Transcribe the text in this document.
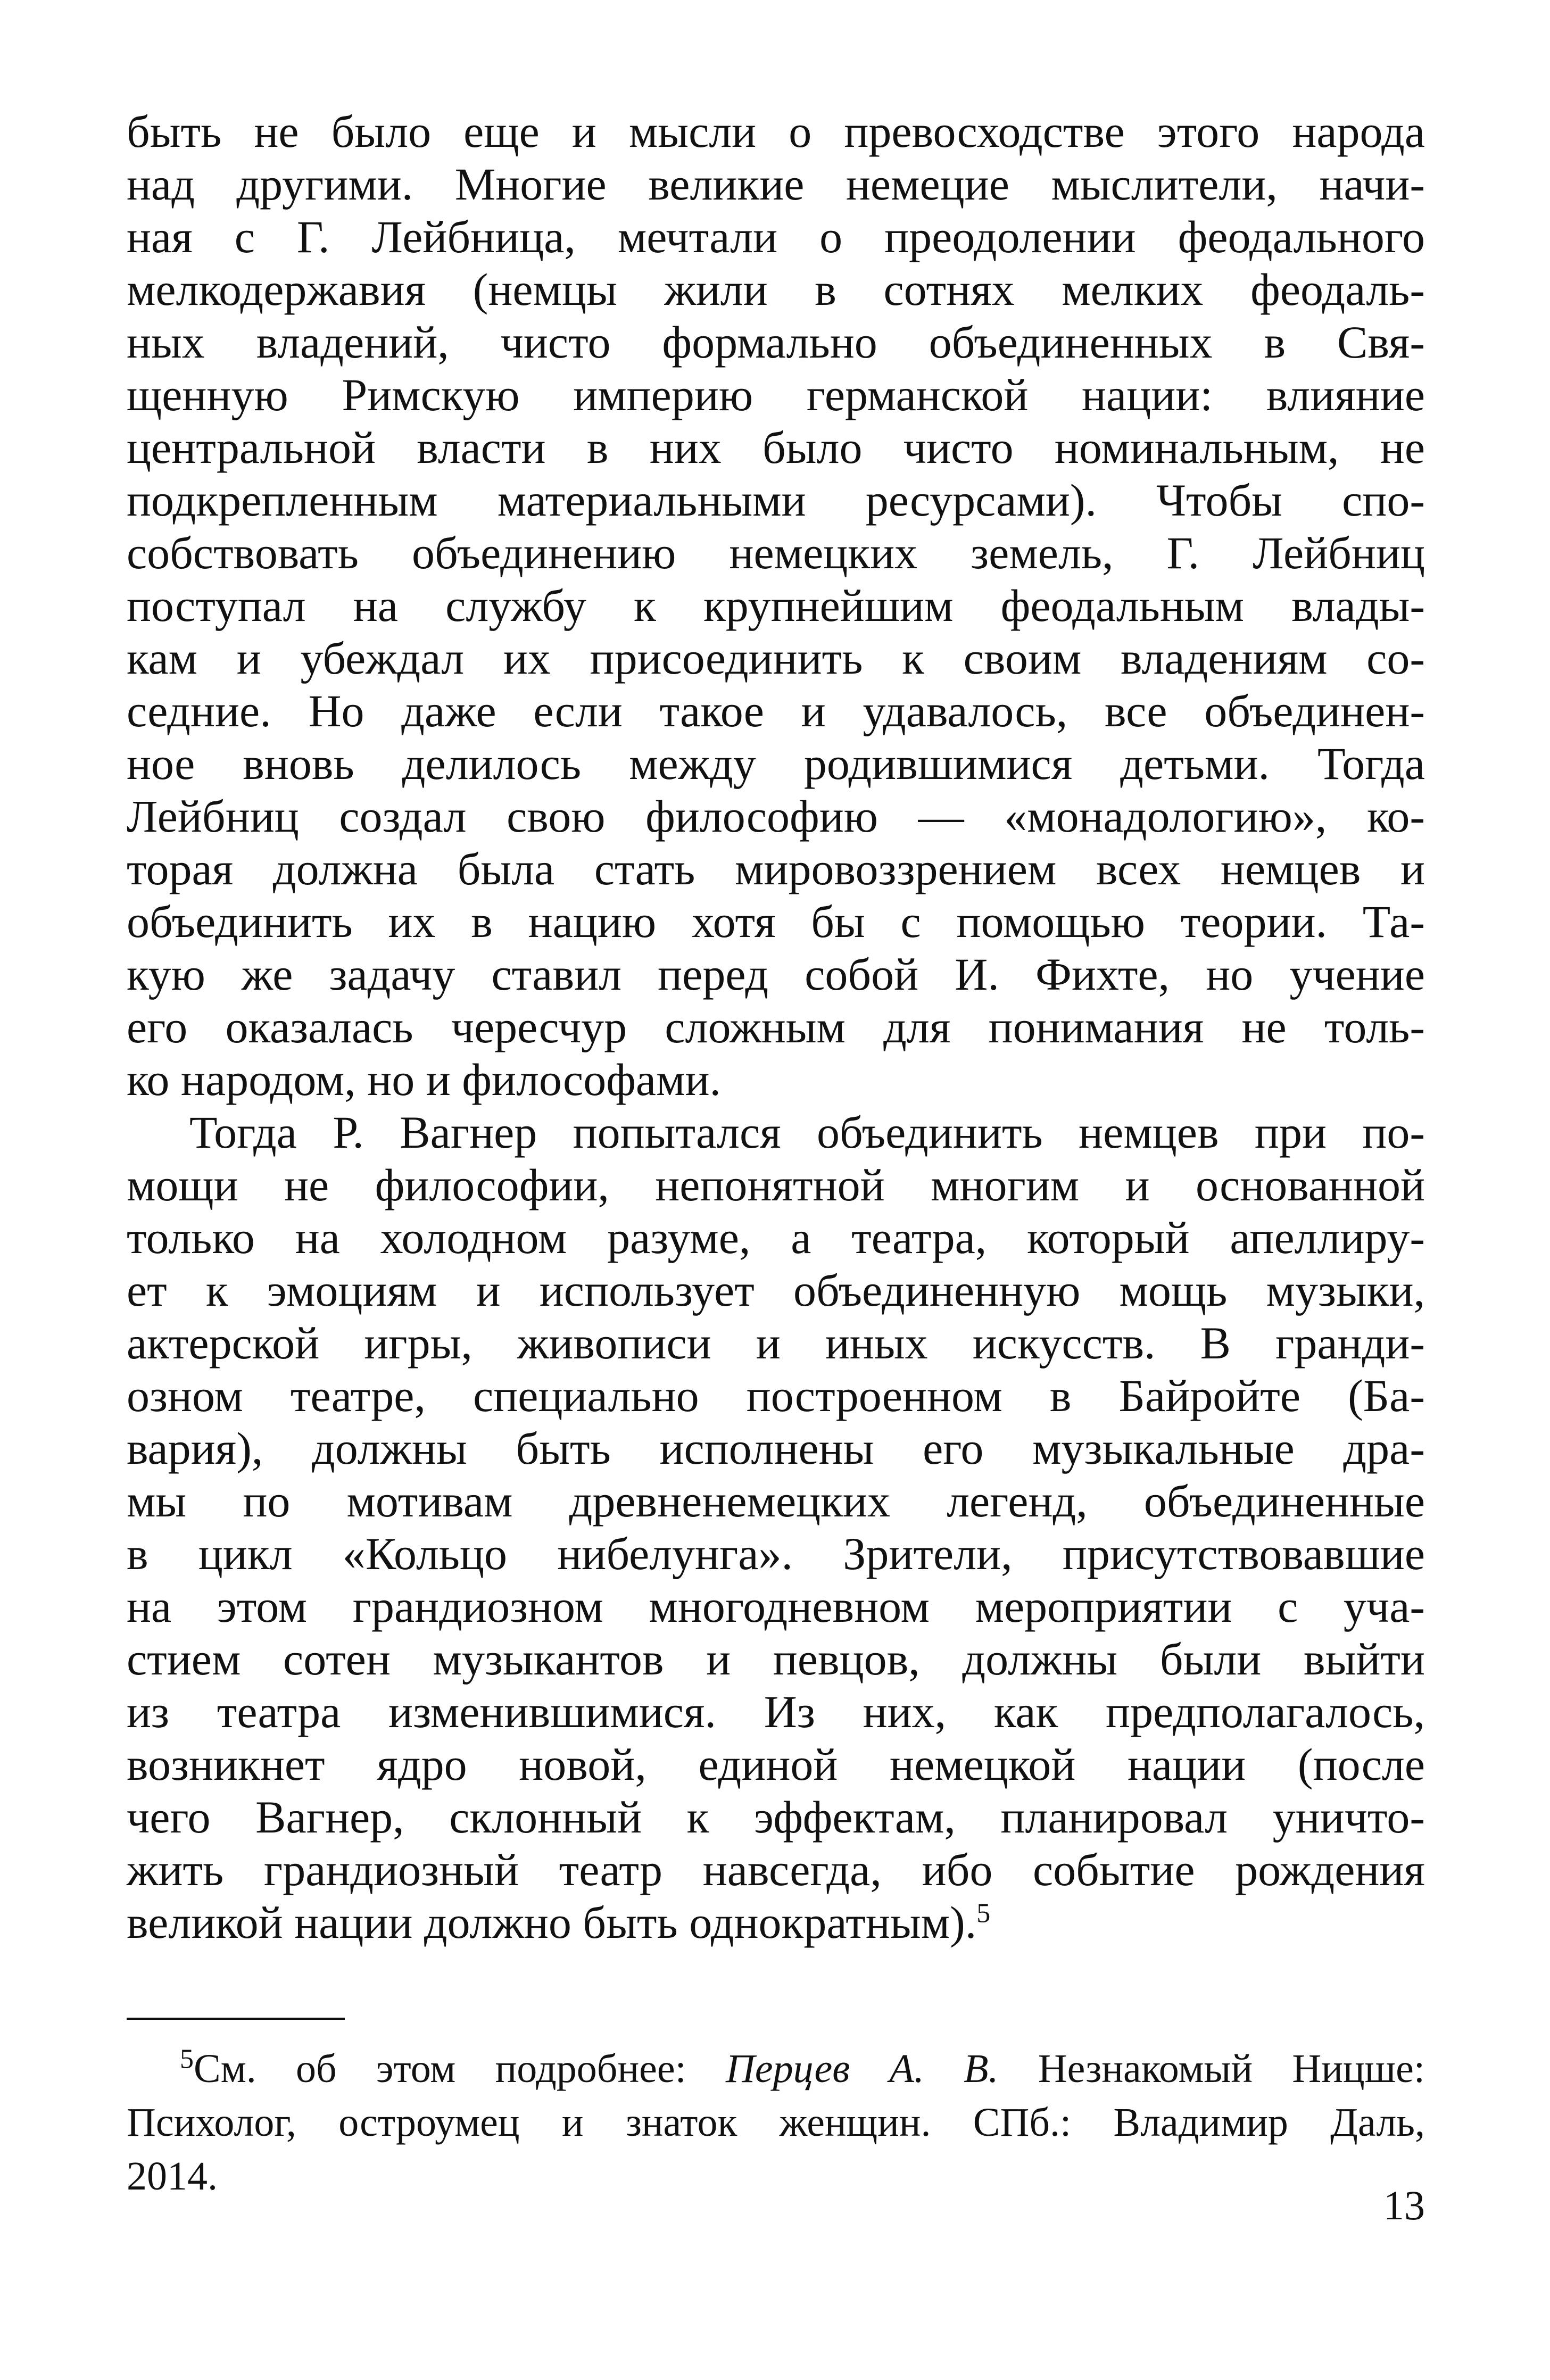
быть не было еще и мысли о превосходстве этого народа
над другими. Многие великие немецие мыслители, начи-
ная с Г. Лейбница, мечтали о преодолении феодального
мелкодержавия (немцы жили в сотнях мелких феодаль-
ных владений, чисто формально объединенных в Свя-
щенную Римскую империю германской нации: влияние
центральной власти в них было чисто номинальным, не
подкрепленным материальными ресурсами). Чтобы спо-
собствовать объединению немецких земель, Г. Лейбниц
поступал на службу к крупнейшим феодальным влады-
кам и убеждал их присоединить к своим владениям со-
седние. Но даже если такое и удавалось, все объединен-
ное вновь делилось между родившимися детьми. Тогда
Лейбниц создал свою философию — «монадологию», ко-
торая должна была стать мировоззрением всех немцев и
объединить их в нацию хотя бы с помощью теории. Та-
кую же задачу ставил перед собой И. Фихте, но учение
его оказалась чересчур сложным для понимания не толь-
ко народом, но и философами.
Тогда Р. Вагнер попытался объединить немцев при по-
мощи не философии, непонятной многим и основанной
только на холодном разуме, а театра, который апеллиру-
ет к эмоциям и использует объединенную мощь музыки,
актерской игры, живописи и иных искусств. В гранди-
озном театре, специально построенном в Байройте (Ба-
вария), должны быть исполнены его музыкальные дра-
мы по мотивам древненемецких легенд, объединенные
в цикл «Кольцо нибелунга». Зрители, присутствовавшие
на этом грандиозном многодневном мероприятии с уча-
стием сотен музыкантов и певцов, должны были выйти
из театра изменившимися. Из них, как предполагалось,
возникнет ядро новой, единой немецкой нации (после
чего Вагнер, склонный к эффектам, планировал уничто-
жить грандиозный театр навсегда, ибо событие рождения
великой нации должно быть однократным).$^5$
$^5$См. об этом подробнее: Перцев А. В. Незнакомый Ницше:
Психолог, остроумец и знаток женщин. СПб.: Владимир Даль,
2014.
13
